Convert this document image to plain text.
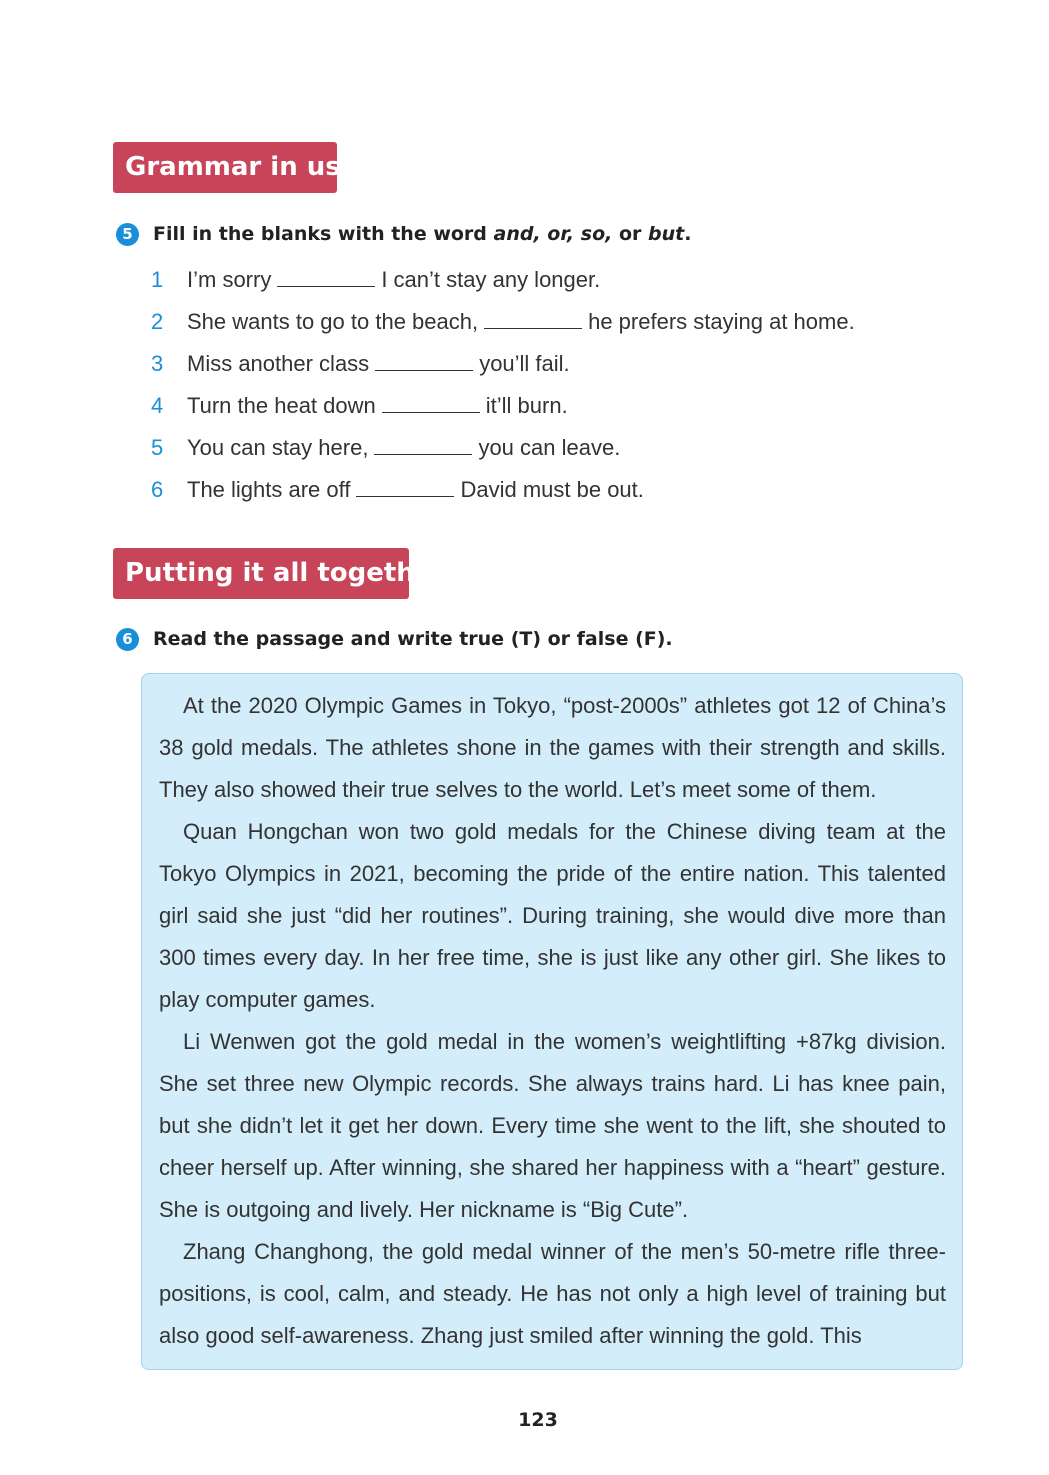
Grammar in use
5	Fill in the blanks with the word and, or, so, or but.
1 I’m sorry	I can’t stay any longer.
2 She wants to go to the beach,	he prefers staying at home.
3 Miss another class	you’ll fail.
4 Turn the heat down	it’ll burn.
5 You can stay here,	you can leave.
6 The lights are off	David must be out.
Putting it all together
6	Read the passage and write true (T) or false (F).

At the 2020 Olympic Games in Tokyo, “post-2000s” athletes got 12 of China’s 38 gold medals. The athletes shone in the games with their strength and skills. They also showed their true selves to the world. Let’s meet some of them.

Quan Hongchan won two gold medals for the Chinese diving team at the Tokyo Olympics in 2021, becoming the pride of the entire nation. This talented girl said she just “did her routines”. During training, she would dive more than 300 times every day. In her free time, she is just like any other girl. She likes to play computer games.

Li Wenwen got the gold medal in the women’s weightlifting +87kg division. She set three new Olympic records. She always trains hard. Li has knee pain, but she didn’t let it get her down. Every time she went to the lift, she shouted to cheer herself up. After winning, she shared her happiness with a “heart” gesture. She is outgoing and lively. Her nickname is “Big Cute”.

Zhang Changhong, the gold medal winner of the men’s 50-metre rifle three-positions, is cool, calm, and steady. He has not only a high level of training but also good self-awareness. Zhang just smiled after winning the gold. This

123
